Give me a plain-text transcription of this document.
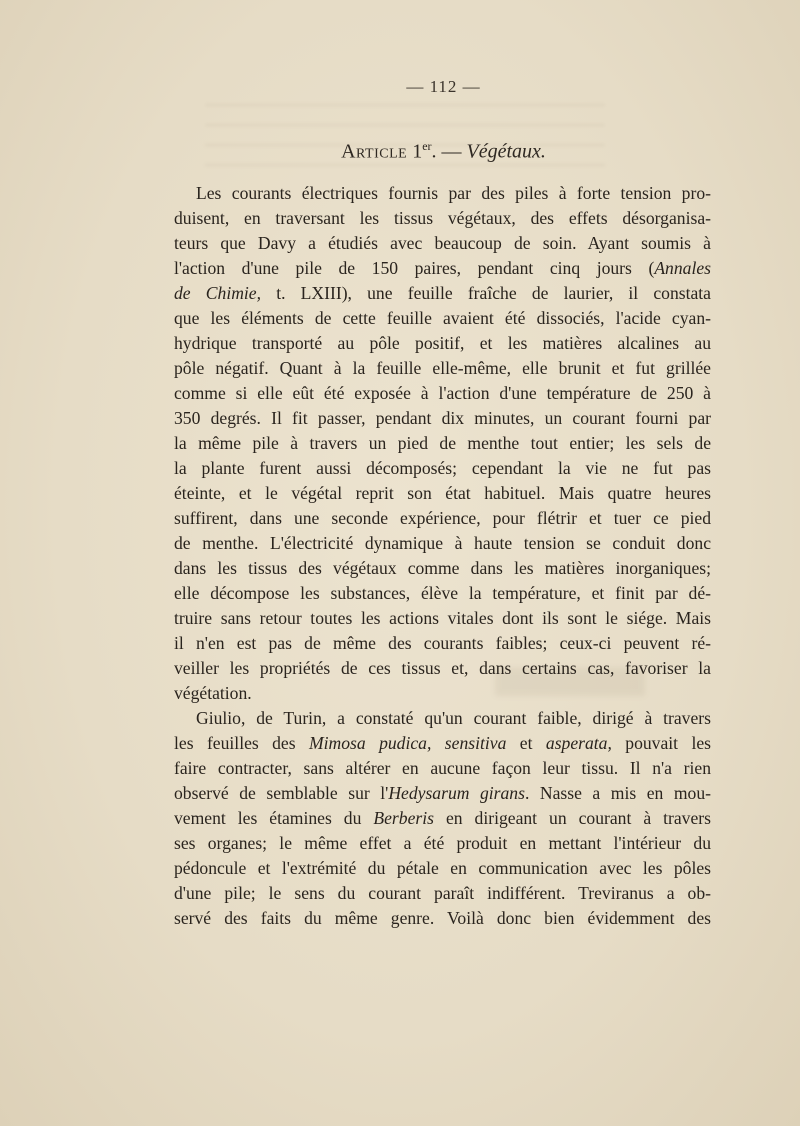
— 112 —
Article 1er. — Végétaux.
Les courants électriques fournis par des piles à forte tension pro-
duisent, en traversant les tissus végétaux, des effets désorganisa-
teurs que Davy a étudiés avec beaucoup de soin. Ayant soumis à
l'action d'une pile de 150 paires, pendant cinq jours (Annales
de Chimie, t. LXIII), une feuille fraîche de laurier, il constata
que les éléments de cette feuille avaient été dissociés, l'acide cyan-
hydrique transporté au pôle positif, et les matières alcalines au
pôle négatif. Quant à la feuille elle-même, elle brunit et fut grillée
comme si elle eût été exposée à l'action d'une température de 250 à
350 degrés. Il fit passer, pendant dix minutes, un courant fourni par
la même pile à travers un pied de menthe tout entier; les sels de
la plante furent aussi décomposés; cependant la vie ne fut pas
éteinte, et le végétal reprit son état habituel. Mais quatre heures
suffirent, dans une seconde expérience, pour flétrir et tuer ce pied
de menthe. L'électricité dynamique à haute tension se conduit donc
dans les tissus des végétaux comme dans les matières inorganiques;
elle décompose les substances, élève la température, et finit par dé-
truire sans retour toutes les actions vitales dont ils sont le siége. Mais
il n'en est pas de même des courants faibles; ceux-ci peuvent ré-
veiller les propriétés de ces tissus et, dans certains cas, favoriser la
végétation.
Giulio, de Turin, a constaté qu'un courant faible, dirigé à travers
les feuilles des Mimosa pudica, sensitiva et asperata, pouvait les
faire contracter, sans altérer en aucune façon leur tissu. Il n'a rien
observé de semblable sur l'Hedysarum girans. Nasse a mis en mou-
vement les étamines du Berberis en dirigeant un courant à travers
ses organes; le même effet a été produit en mettant l'intérieur du
pédoncule et l'extrémité du pétale en communication avec les pôles
d'une pile; le sens du courant paraît indifférent. Treviranus a ob-
servé des faits du même genre. Voilà donc bien évidemment des
